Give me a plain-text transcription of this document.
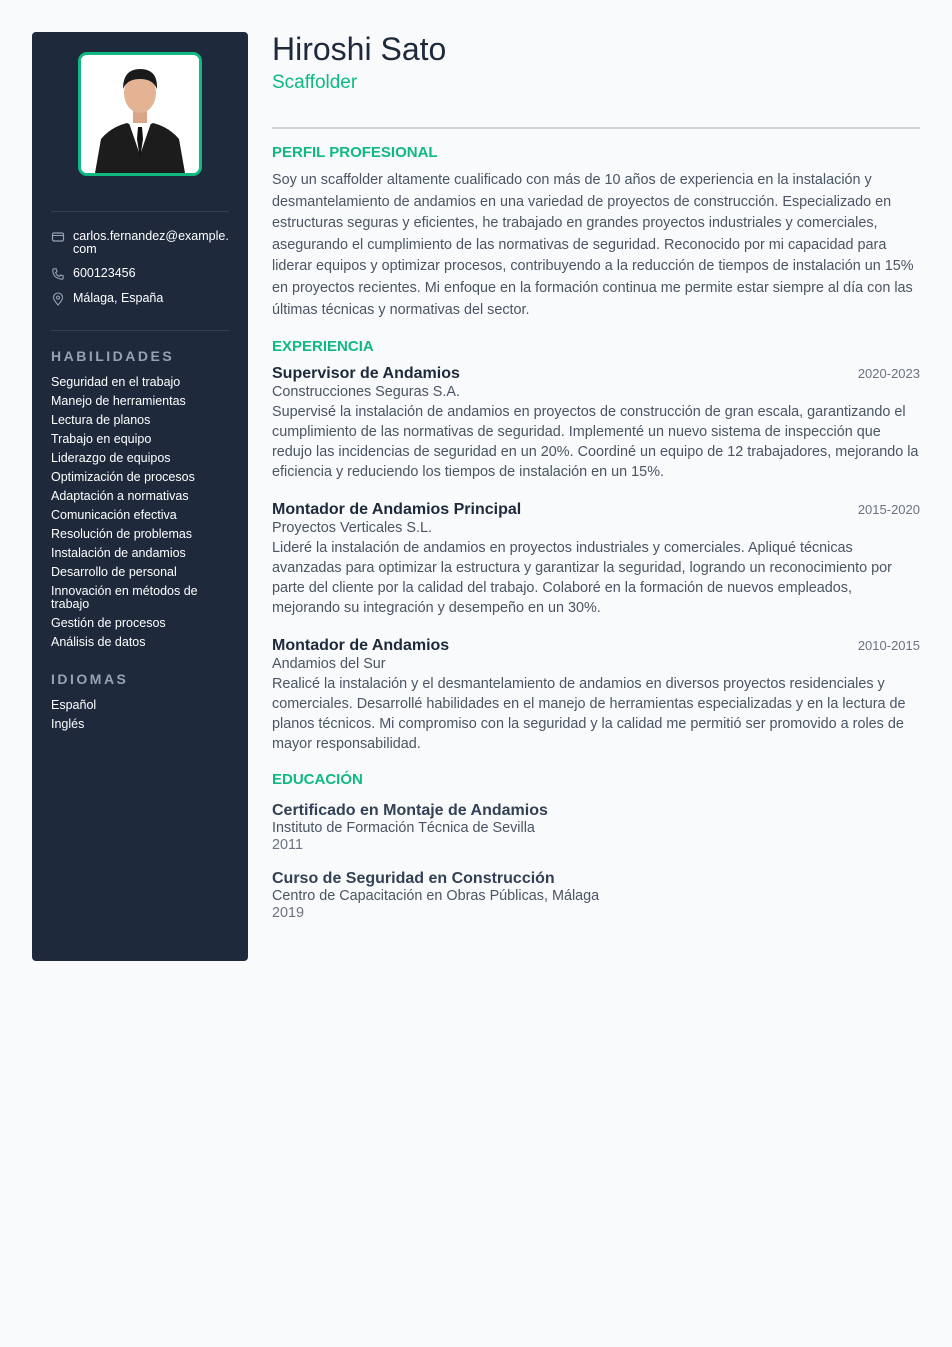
carlos.fernandez@example.com
600123456
Málaga, España
HABILIDADES
Seguridad en el trabajo
Manejo de herramientas
Lectura de planos
Trabajo en equipo
Liderazgo de equipos
Optimización de procesos
Adaptación a normativas
Comunicación efectiva
Resolución de problemas
Instalación de andamios
Desarrollo de personal
Innovación en métodos de trabajo
Gestión de procesos
Análisis de datos
IDIOMAS
Español
Inglés
Hiroshi Sato
Scaffolder
PERFIL PROFESIONAL

Soy un scaffolder altamente cualificado con más de 10 años de experiencia en la instalación y desmantelamiento de andamios en una variedad de proyectos de construcción. Especializado en estructuras seguras y eficientes, he trabajado en grandes proyectos industriales y comerciales, asegurando el cumplimiento de las normativas de seguridad. Reconocido por mi capacidad para liderar equipos y optimizar procesos, contribuyendo a la reducción de tiempos de instalación un 15% en proyectos recientes. Mi enfoque en la formación continua me permite estar siempre al día con las últimas técnicas y normativas del sector.

EXPERIENCIA
Supervisor de Andamios	2020-2023
Construcciones Seguras S.A.
Supervisé la instalación de andamios en proyectos de construcción de gran escala, garantizando el cumplimiento de las normativas de seguridad. Implementé un nuevo sistema de inspección que redujo las incidencias de seguridad en un 20%. Coordiné un equipo de 12 trabajadores, mejorando la eficiencia y reduciendo los tiempos de instalación en un 15%.
Montador de Andamios Principal	2015-2020
Proyectos Verticales S.L.
Lideré la instalación de andamios en proyectos industriales y comerciales. Apliqué técnicas avanzadas para optimizar la estructura y garantizar la seguridad, logrando un reconocimiento por parte del cliente por la calidad del trabajo. Colaboré en la formación de nuevos empleados, mejorando su integración y desempeño en un 30%.
Montador de Andamios	2010-2015
Andamios del Sur
Realicé la instalación y el desmantelamiento de andamios en diversos proyectos residenciales y comerciales. Desarrollé habilidades en el manejo de herramientas especializadas y en la lectura de planos técnicos. Mi compromiso con la seguridad y la calidad me permitió ser promovido a roles de mayor responsabilidad.
EDUCACIÓN
Certificado en Montaje de Andamios
Instituto de Formación Técnica de Sevilla
2011
Curso de Seguridad en Construcción
Centro de Capacitación en Obras Públicas, Málaga
2019
